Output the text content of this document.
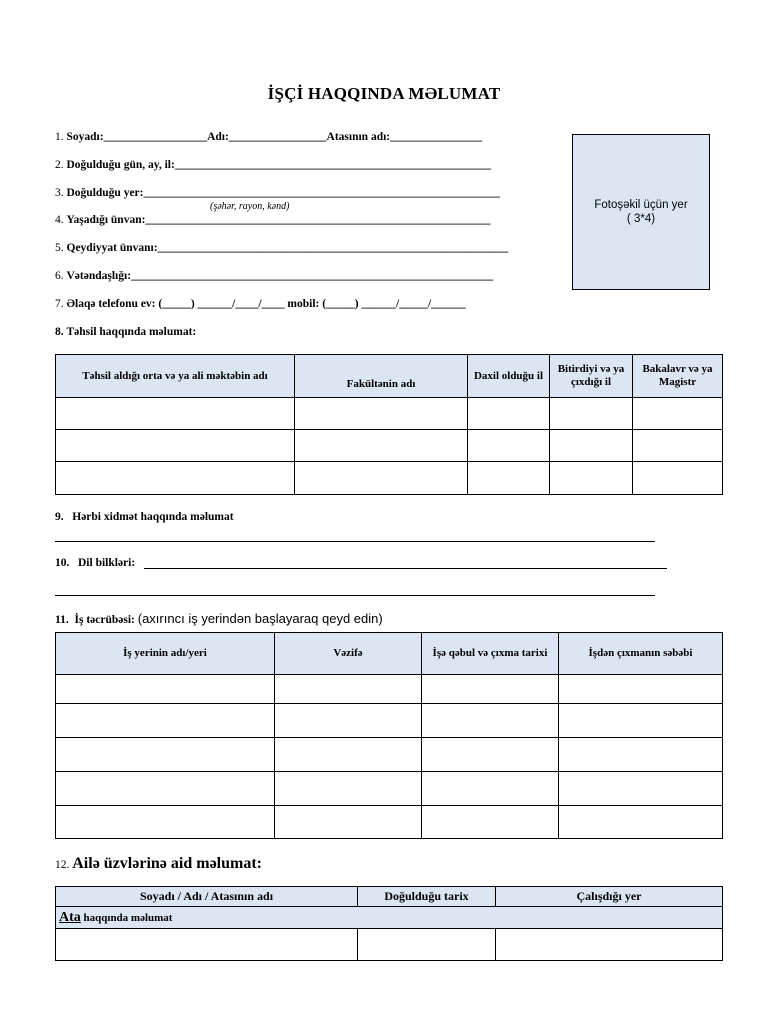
İŞÇİ HAQQINDA MƏLUMAT
1. Soyadı:__________________Adı:_________________Atasının adı:________________
2. Doğulduğu gün, ay, il:_______________________________________________________
3. Doğulduğu yer:______________________________________________________________
(şəhər, rayon, kənd)
4. Yaşadığı ünvan:____________________________________________________________
5. Qeydiyyat ünvanı:_____________________________________________________________
6. Vətəndaşlığı:_______________________________________________________________
7. Əlaqə telefonu ev: (_____) ______/____/____ mobil: (_____) ______/_____/______
8. Təhsil haqqında məlumat:
Fotoşəkil üçün yer
( 3*4)
Təhsil aldığı orta və ya ali məktəbin adı	Fakültənin adı	Daxil olduğu il	Bitirdiyi və ya çıxdığı il	Bakalavr və ya Magistr

9. Hərbi xidmət haqqında məlumat
10. Dil bilkləri:
11. İş təcrübəsi: (axırıncı iş yerindən başlayaraq qeyd edin)
İş yerinin adı/yeri	Vəzifə	İşə qəbul və çıxma tarixi	İşdən çıxmanın səbəbi

12. Ailə üzvlərinə aid məlumat:
Soyadı / Adı / Atasının adı	Doğulduğu tarix	Çalışdığı yer
Ata haqqında məlumat		
